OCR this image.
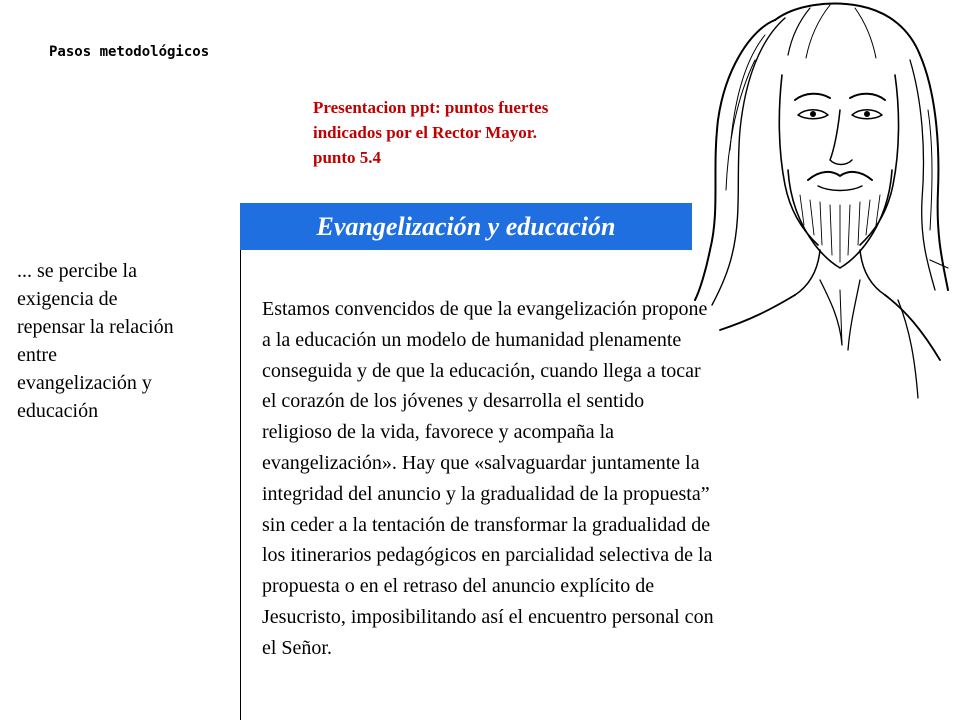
Pasos metodológicos

Presentacion ppt: puntos fuertes
indicados por el Rector Mayor.
punto 5.4
Evangelización y educación
... se percibe la
exigencia de
repensar la relación
entre
evangelización y
educación
Estamos convencidos de que la evangelización propone
a la educación un modelo de humanidad plenamente
conseguida y de que la educación, cuando llega a tocar
el corazón de los jóvenes y desarrolla el sentido
religioso de la vida, favorece y acompaña la
evangelización». Hay que «salvaguardar juntamente la
integridad del anuncio y la gradualidad de la propuesta”
sin ceder a la tentación de transformar la gradualidad de
los itinerarios pedagógicos en parcialidad selectiva de la
propuesta o en el retraso del anuncio explícito de
Jesucristo, imposibilitando así el encuentro personal con
el Señor.
